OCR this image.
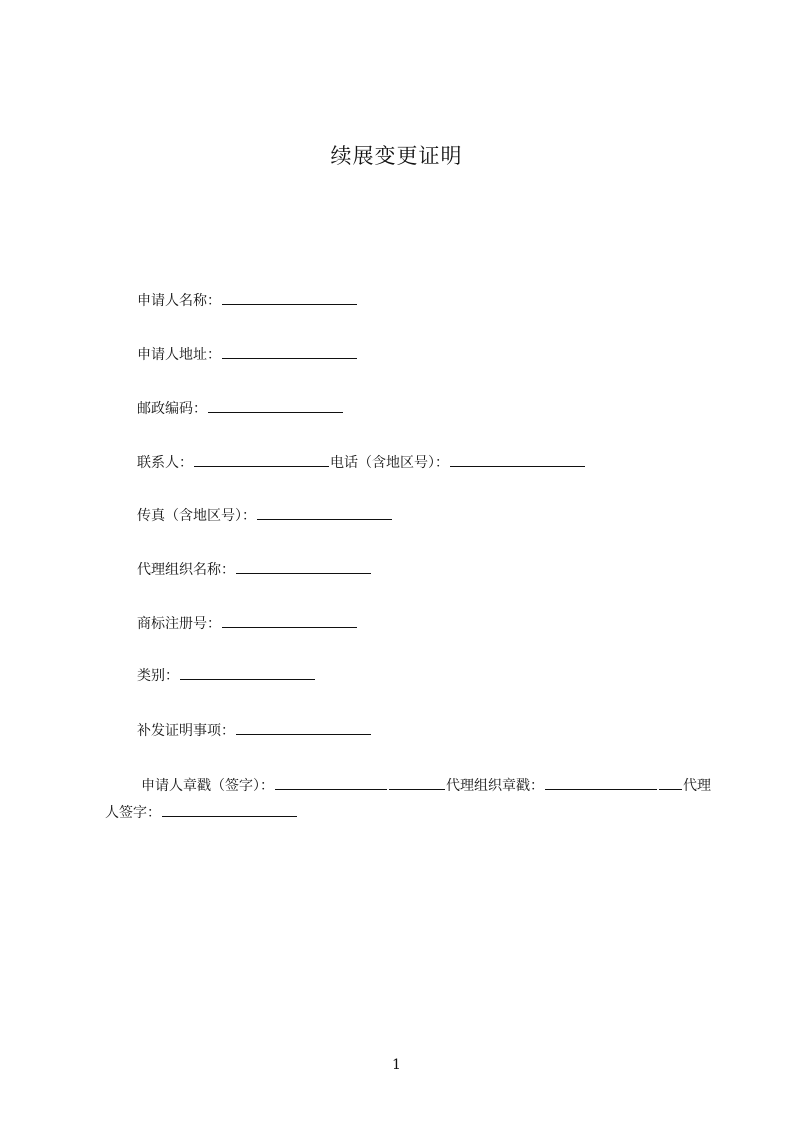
续展变更证明
申请人名称：
申请人地址：
邮政编码：
联系人：	电话（含地区号）：
传真（含地区号）：
代理组织名称：
商标注册号：
类别：
补发证明事项：
申请人章戳（签字）：	代理组织章戳：	代理
人签字：
1
